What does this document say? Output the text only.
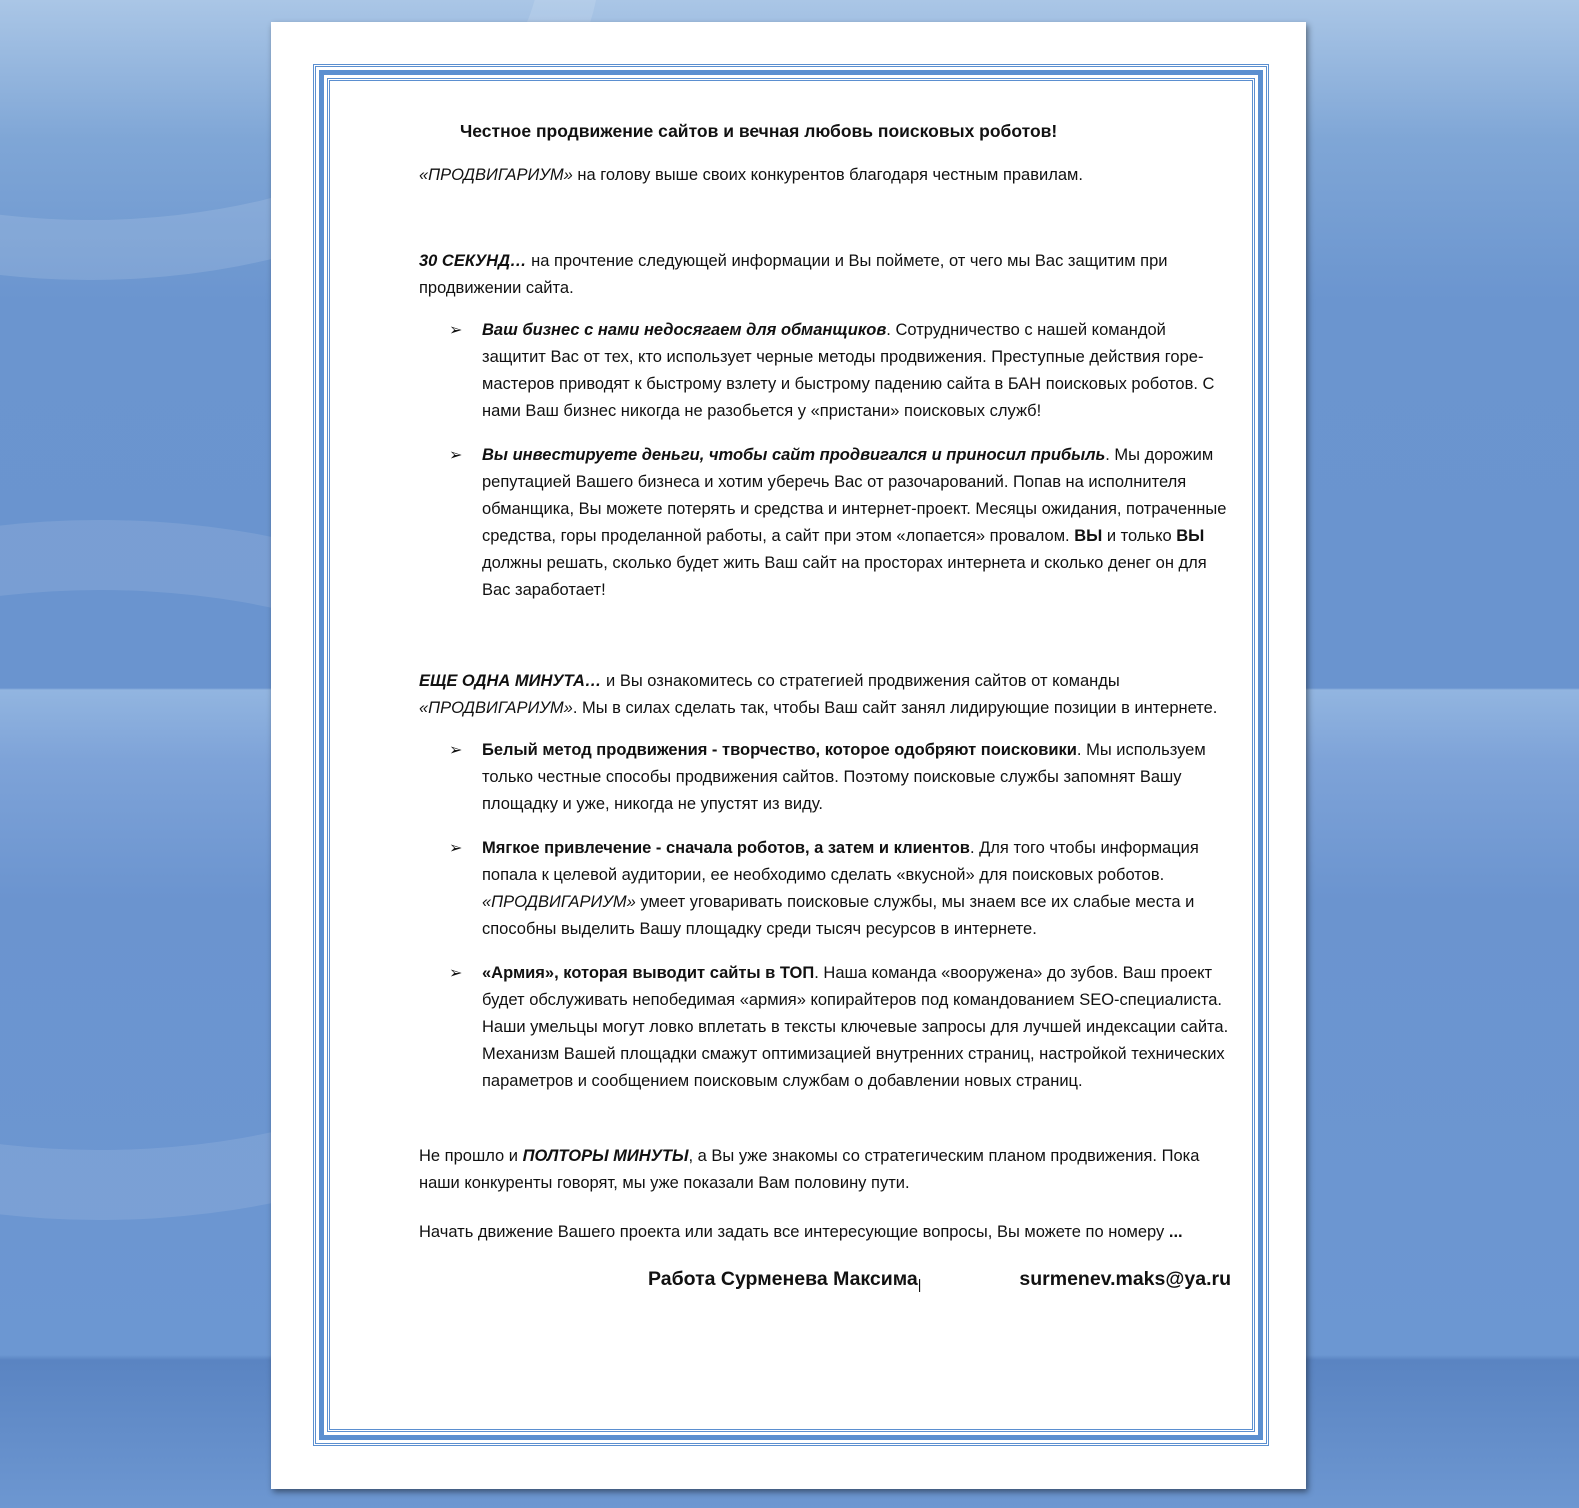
Честное продвижение сайтов и вечная любовь поисковых роботов!

«ПРОДВИГАРИУМ» на голову выше своих конкурентов благодаря честным правилам.

30 СЕКУНД… на прочтение следующей информации и Вы поймете, от чего мы Вас защитим при продвижении сайта.

➢ Ваш бизнес с нами недосягаем для обманщиков. Сотрудничество с нашей командой защитит Вас от тех, кто использует черные методы продвижения. Преступные действия горе-мастеров приводят к быстрому взлету и быстрому падению сайта в БАН поисковых роботов. С нами Ваш бизнес никогда не разобьется у «пристани» поисковых служб!
➢ Вы инвестируете деньги, чтобы сайт продвигался и приносил прибыль. Мы дорожим репутацией Вашего бизнеса и хотим уберечь Вас от разочарований. Попав на исполнителя обманщика, Вы можете потерять и средства и интернет-проект. Месяцы ожидания, потраченные средства, горы проделанной работы, а сайт при этом «лопается» провалом. ВЫ и только ВЫ должны решать, сколько будет жить Ваш сайт на просторах интернета и сколько денег он для Вас заработает!

ЕЩЕ ОДНА МИНУТА… и Вы ознакомитесь со стратегией продвижения сайтов от команды «ПРОДВИГАРИУМ». Мы в силах сделать так, чтобы Ваш сайт занял лидирующие позиции в интернете.

➢ Белый метод продвижения - творчество, которое одобряют поисковики. Мы используем только честные способы продвижения сайтов. Поэтому поисковые службы запомнят Вашу площадку и уже, никогда не упустят из виду.
➢ Мягкое привлечение - сначала роботов, а затем и клиентов. Для того чтобы информация попала к целевой аудитории, ее необходимо сделать «вкусной» для поисковых роботов. «ПРОДВИГАРИУМ» умеет уговаривать поисковые службы, мы знаем все их слабые места и способны выделить Вашу площадку среди тысяч ресурсов в интернете.
➢ «Армия», которая выводит сайты в ТОП. Наша команда «вооружена» до зубов. Ваш проект будет обслуживать непобедимая «армия» копирайтеров под командованием SEO-специалиста. Наши умельцы могут ловко вплетать в тексты ключевые запросы для лучшей индексации сайта. Механизм Вашей площадки смажут оптимизацией внутренних страниц, настройкой технических параметров и сообщением поисковым службам о добавлении новых страниц.

Не прошло и ПОЛТОРЫ МИНУТЫ, а Вы уже знакомы со стратегическим планом продвижения. Пока наши конкуренты говорят, мы уже показали Вам половину пути.

Начать движение Вашего проекта или задать все интересующие вопросы, Вы можете по номеру ...

Работа Сурменева Максима$_|$	surmenev.maks@ya.ru
